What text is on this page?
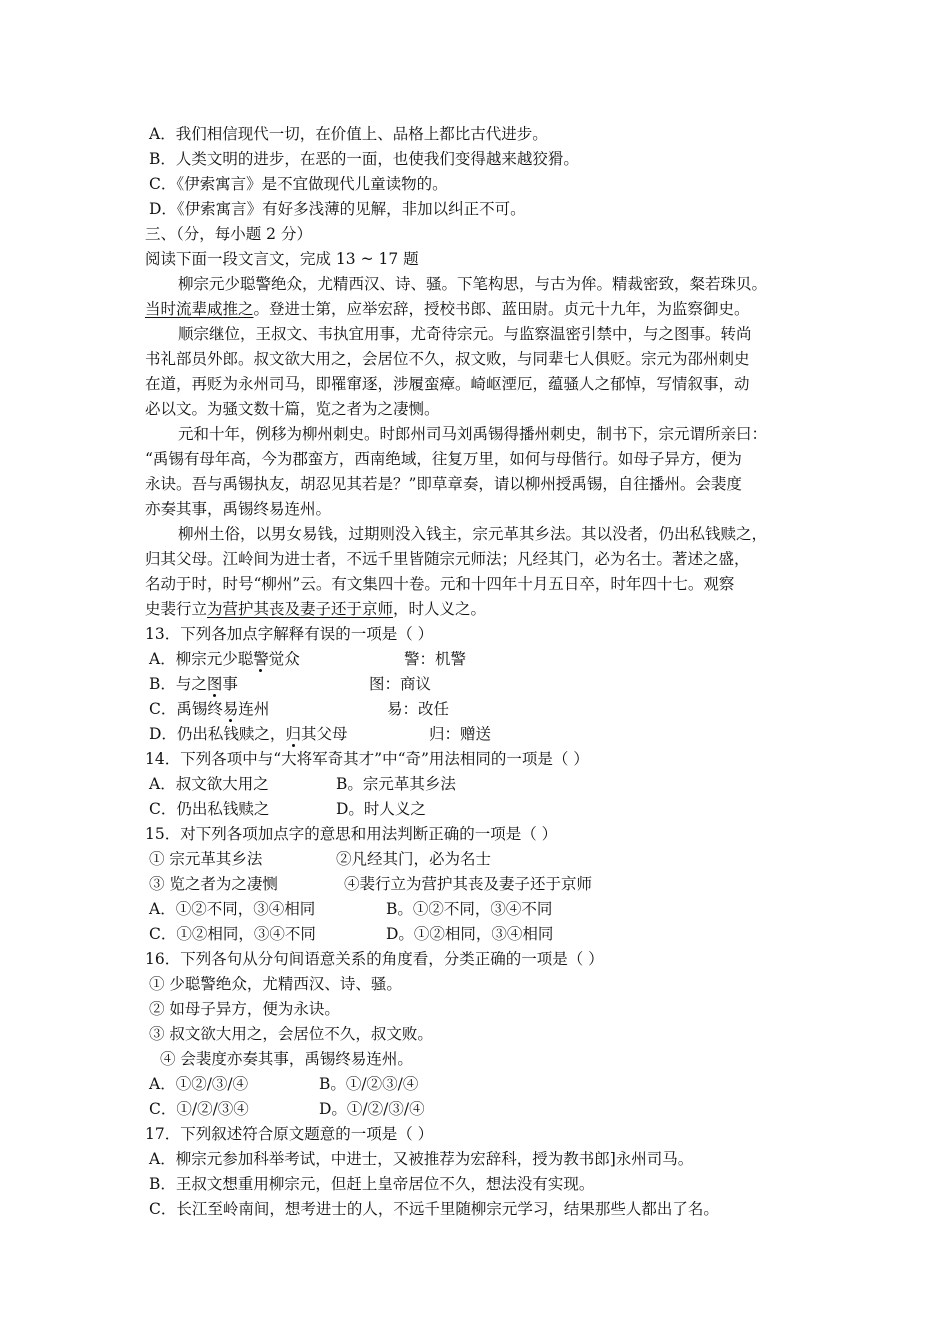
A．我们相信现代一切，在价值上、品格上都比古代进步。
B．人类文明的进步，在恶的一面，也使我们变得越来越狡猾。
C．《伊索寓言》是不宜做现代儿童读物的。
D．《伊索寓言》有好多浅薄的见解，非加以纠正不可。
三、（分，每小题 2 分）
阅读下面一段文言文，完成 13 ~ 17 题
柳宗元少聪警绝众，尤精西汉、诗、骚。下笔构思，与古为侔。精裁密致，粲若珠贝。
当时流辈咸推之。登进士第，应举宏辞，授校书郎、蓝田尉。贞元十九年，为监察御史。
顺宗继位，王叔文、韦执宜用事，尤奇待宗元。与监察温密引禁中，与之图事。转尚
书礼部员外郎。叔文欲大用之，会居位不久，叔文败，与同辈七人俱贬。宗元为邵州刺史
在道，再贬为永州司马，即罹窜逐，涉履蛮瘴。崎岖湮厄，蕴骚人之郁悼，写情叙事，动
必以文。为骚文数十篇，览之者为之凄恻。
元和十年，例移为柳州刺史。时郎州司马刘禹锡得播州刺史，制书下，宗元谓所亲曰：
“禹锡有母年高，今为郡蛮方，西南绝域，往复万里，如何与母偕行。如母子异方，便为
永诀。吾与禹锡执友，胡忍见其若是？”即草章奏，请以柳州授禹锡，自往播州。会裴度
亦奏其事，禹锡终易连州。
柳州土俗，以男女易钱，过期则没入钱主，宗元革其乡法。其以没者，仍出私钱赎之，
归其父母。江岭间为进士者，不远千里皆随宗元师法；凡经其门，必为名士。著述之盛，
名动于时，时号“柳州”云。有文集四十卷。元和十四年十月五日卒，时年四十七。观察
史裴行立为营护其丧及妻子还于京师，时人义之。
13．下列各加点字解释有误的一项是（ ）
A．柳宗元少聪警觉众	警：机警
B．与之图事	图：商议
C．禹锡终易连州	易：改任
D．仍出私钱赎之，归其父母	归：赠送
14．下列各项中与“大将军奇其才”中“奇”用法相同的一项是（ ）
A．叔文欲大用之	B。宗元革其乡法
C．仍出私钱赎之	D。时人义之
15．对下列各项加点字的意思和用法判断正确的一项是（ ）
① 宗元革其乡法	②凡经其门，必为名士
③ 览之者为之凄恻	④裴行立为营护其丧及妻子还于京师
A．①②不同，③④相同	B。①②不同，③④不同
C．①②相同，③④不同	D。①②相同，③④相同
16．下列各句从分句间语意关系的角度看，分类正确的一项是（ ）
① 少聪警绝众，尤精西汉、诗、骚。
② 如母子异方，便为永诀。
③ 叔文欲大用之，会居位不久，叔文败。
④ 会裴度亦奏其事，禹锡终易连州。
A．①②/③/④	B。①/②③/④
C．①/②/③④	D。①/②/③/④
17．下列叙述符合原文题意的一项是（ ）
A．柳宗元参加科举考试，中进士，又被推荐为宏辞科，授为教书郎]永州司马。
B．王叔文想重用柳宗元，但赶上皇帝居位不久，想法没有实现。
C．长江至岭南间，想考进士的人，不远千里随柳宗元学习，结果那些人都出了名。
